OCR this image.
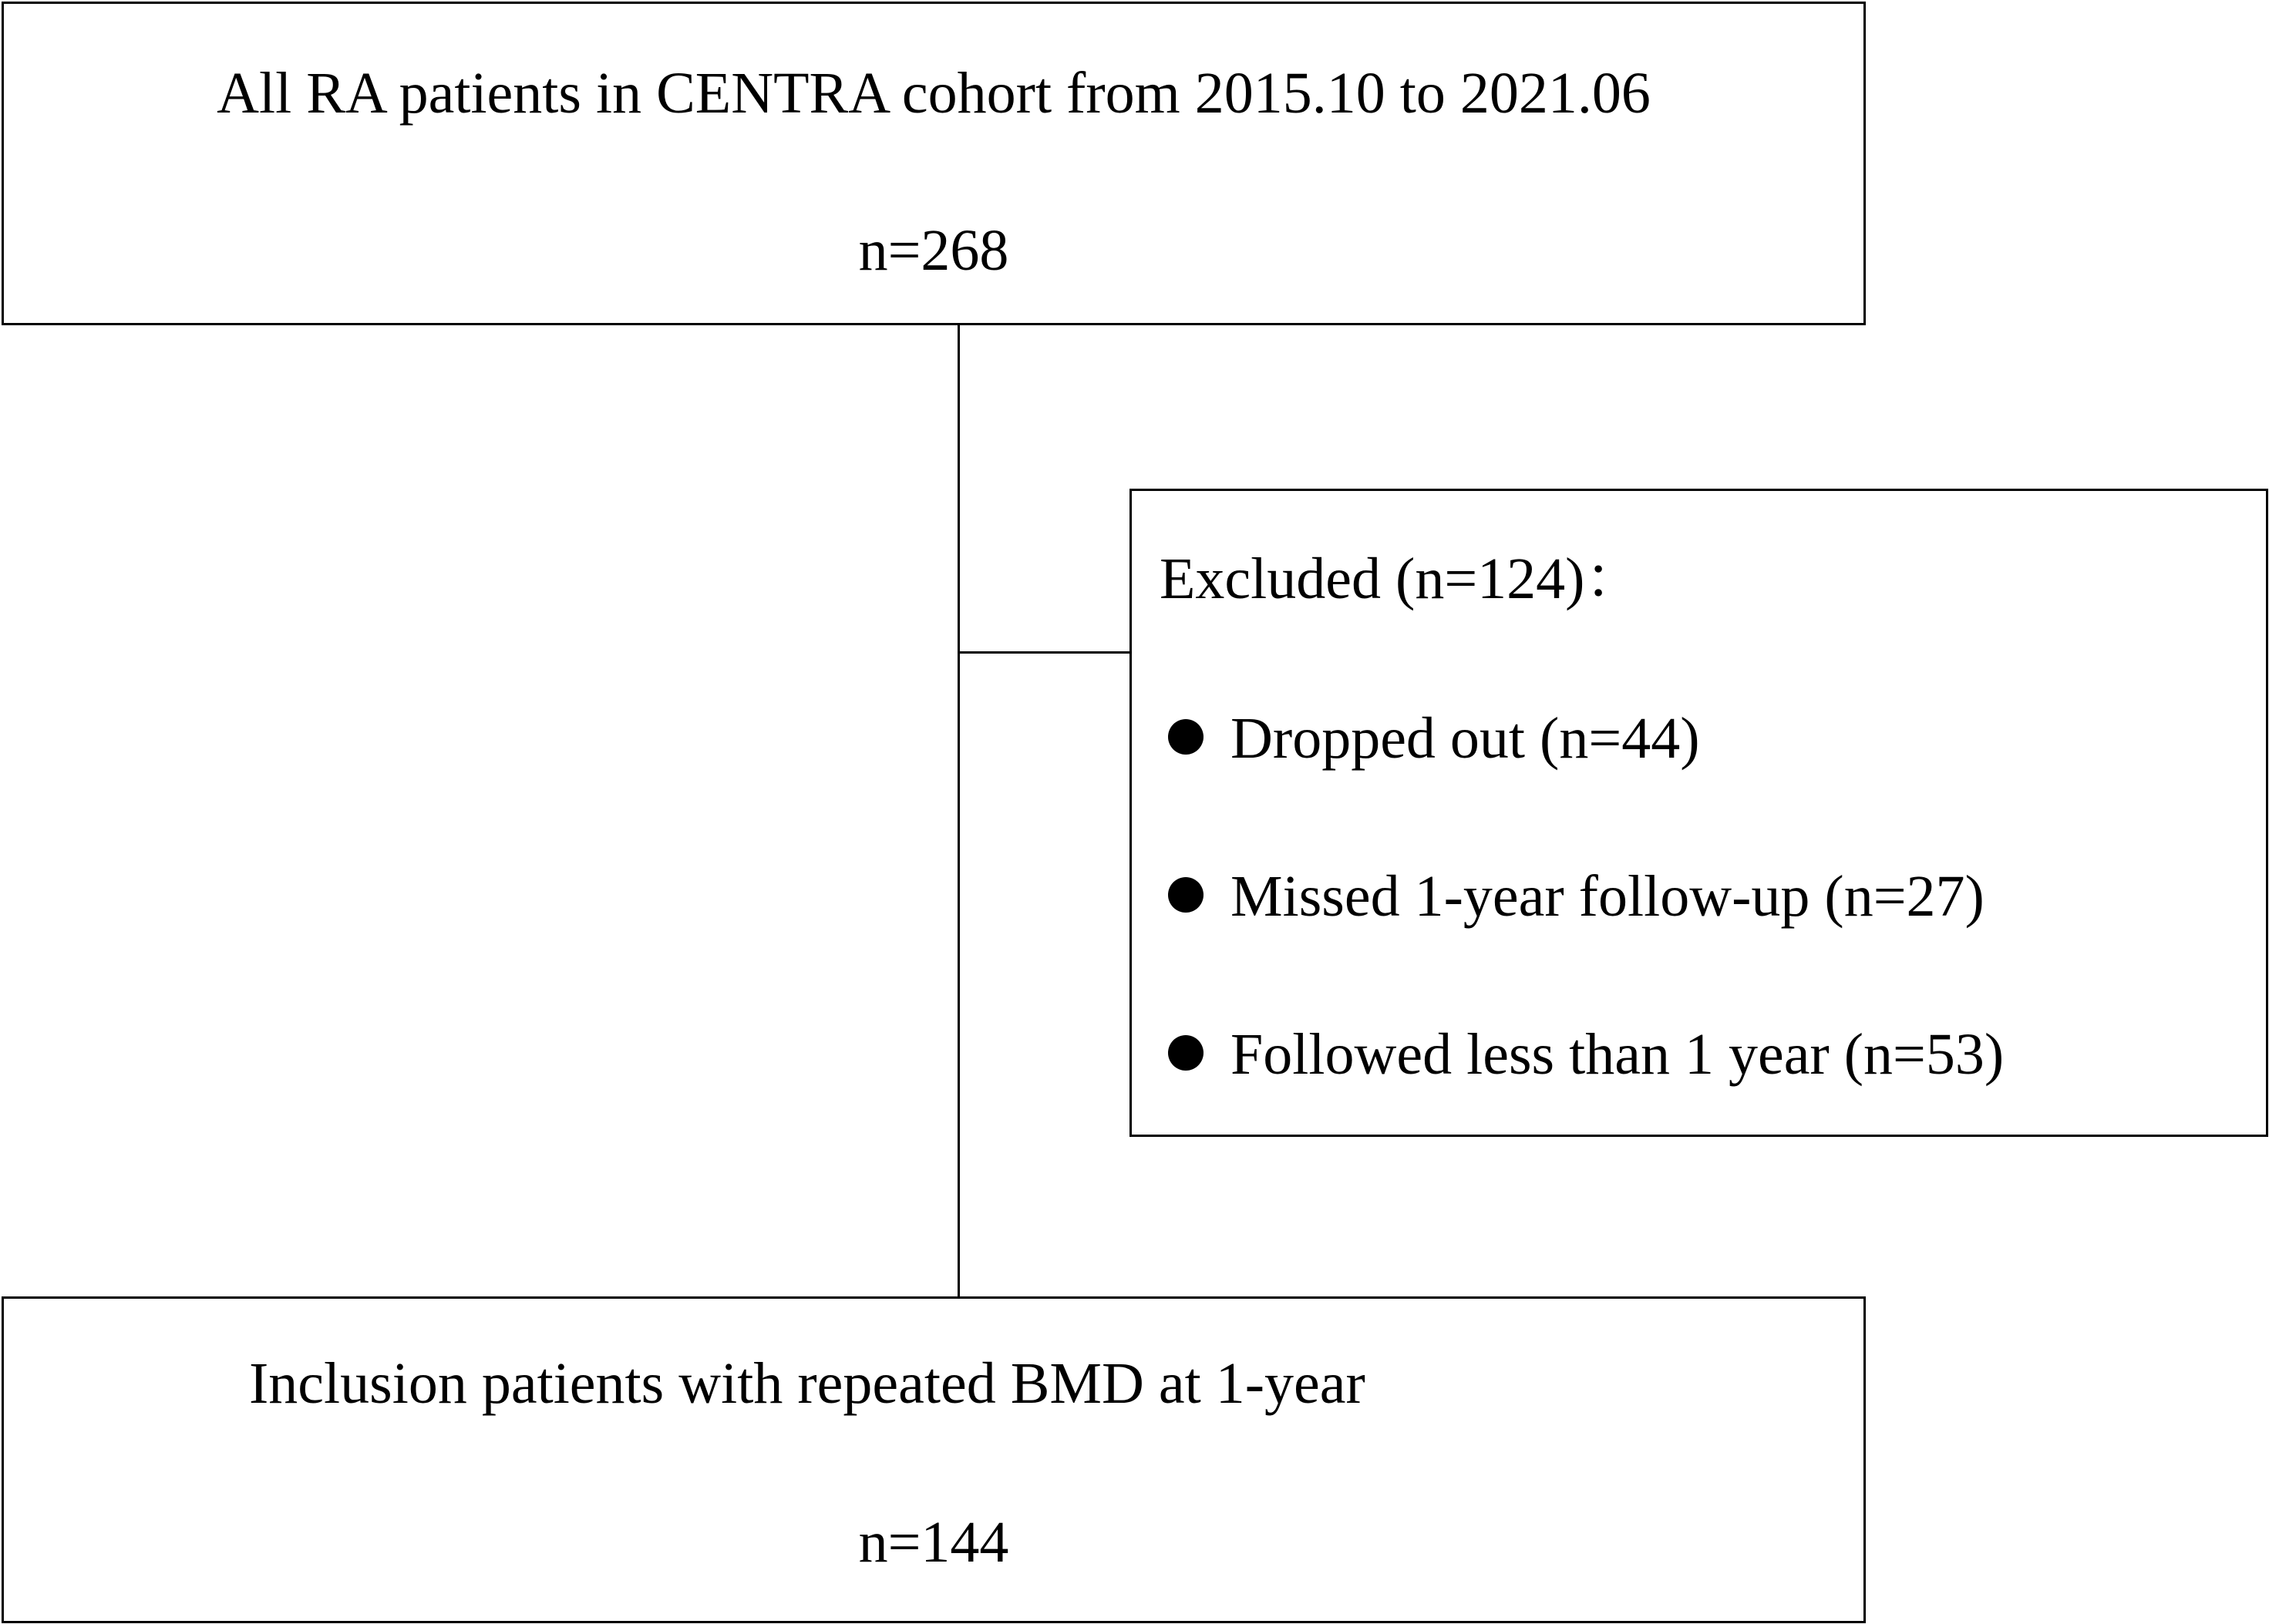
All RA patients in CENTRA cohort from 2015.10 to 2021.06
n=268
Excluded (n=124)：
Dropped out (n=44)
Missed 1-year follow-up (n=27)
Followed less than 1 year (n=53)
Inclusion patients with repeated BMD at 1-year
n=144
